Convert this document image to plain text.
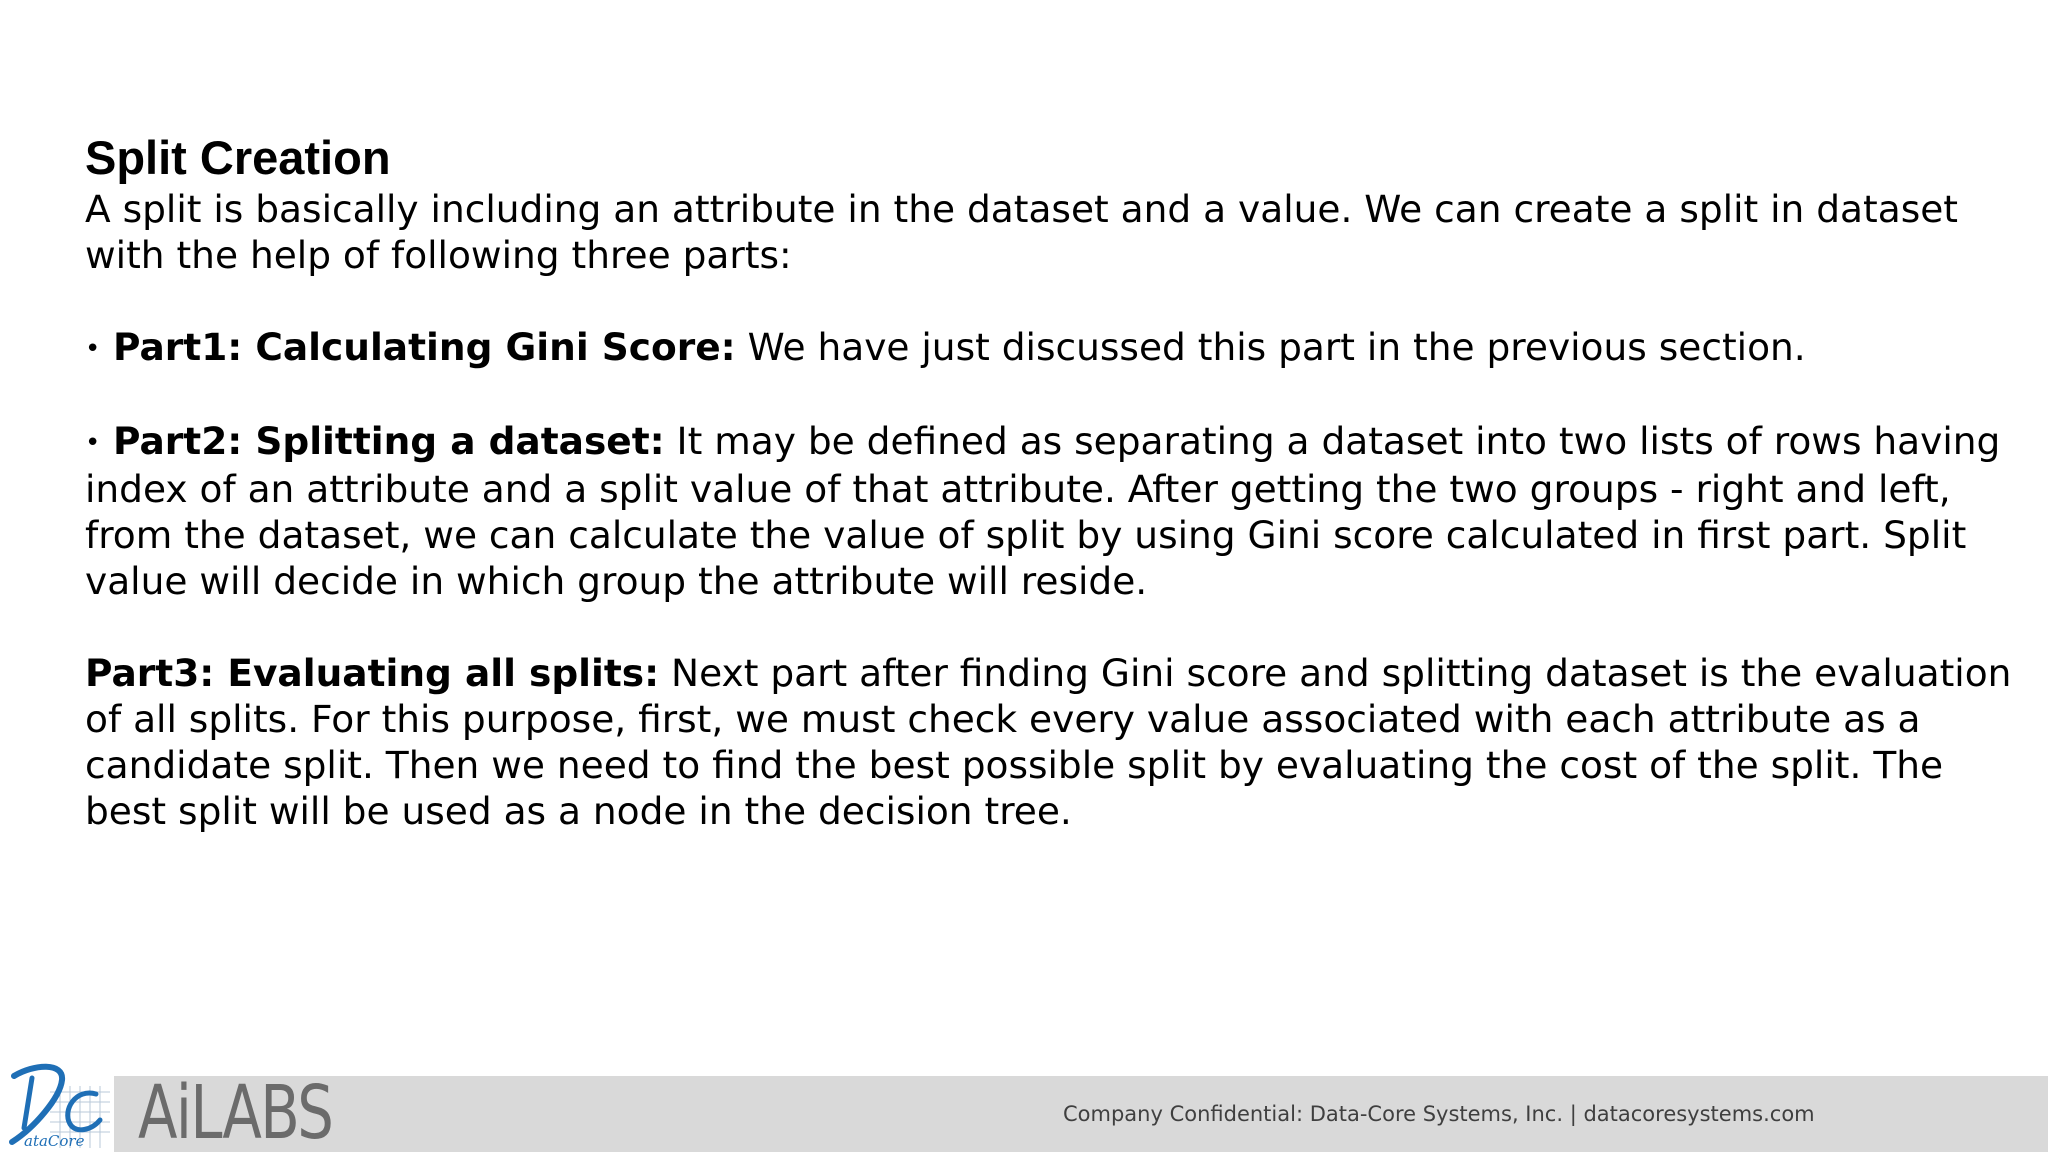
Split Creation

A split is basically including an attribute in the dataset and a value. We can create a split in dataset with the help of following three parts:

• Part1: Calculating Gini Score: We have just discussed this part in the previous section.

• Part2: Splitting a dataset: It may be defined as separating a dataset into two lists of rows having index of an attribute and a split value of that attribute. After getting the two groups - right and left, from the dataset, we can calculate the value of split by using Gini score calculated in first part. Split value will decide in which group the attribute will reside.

Part3: Evaluating all splits: Next part after finding Gini score and splitting dataset is the evaluation of all splits. For this purpose, first, we must check every value associated with each attribute as a candidate split. Then we need to find the best possible split by evaluating the cost of the split. The best split will be used as a node in the decision tree.

ataCore AiLABS	Company Confidential: Data-Core Systems, Inc. | datacoresystems.com
